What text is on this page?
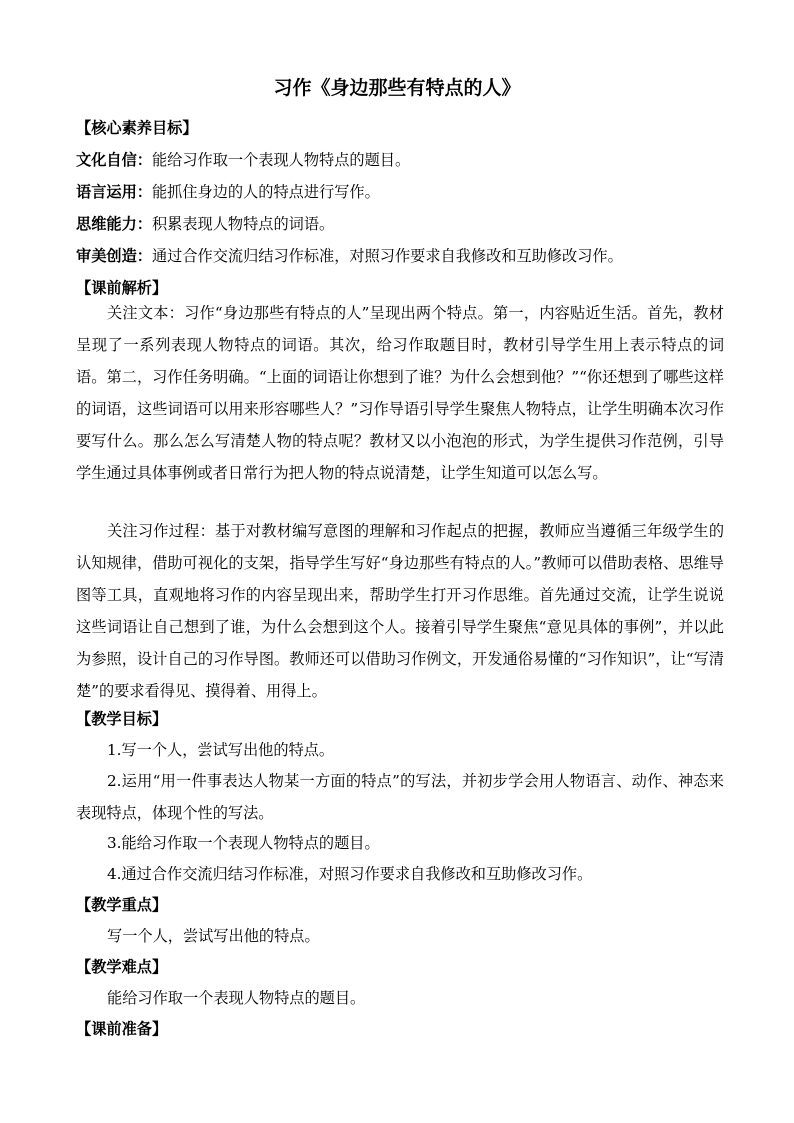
习作《身边那些有特点的人》
【核心素养目标】
文化自信：能给习作取一个表现人物特点的题目。
语言运用：能抓住身边的人的特点进行写作。
思维能力：积累表现人物特点的词语。
审美创造：通过合作交流归结习作标准，对照习作要求自我修改和互助修改习作。
【课前解析】
关注文本：习作“身边那些有特点的人”呈现出两个特点。第一，内容贴近生活。首先，教材呈现了一系列表现人物特点的词语。其次，给习作取题目时，教材引导学生用上表示特点的词语。第二，习作任务明确。“上面的词语让你想到了谁？为什么会想到他？”“你还想到了哪些这样的词语，这些词语可以用来形容哪些人？”习作导语引导学生聚焦人物特点，让学生明确本次习作要写什么。那么怎么写清楚人物的特点呢？教材又以小泡泡的形式，为学生提供习作范例，引导学生通过具体事例或者日常行为把人物的特点说清楚，让学生知道可以怎么写。
关注习作过程：基于对教材编写意图的理解和习作起点的把握，教师应当遵循三年级学生的认知规律，借助可视化的支架，指导学生写好“身边那些有特点的人。”教师可以借助表格、思维导图等工具，直观地将习作的内容呈现出来，帮助学生打开习作思维。首先通过交流，让学生说说这些词语让自己想到了谁，为什么会想到这个人。接着引导学生聚焦“意见具体的事例”，并以此为参照，设计自己的习作导图。教师还可以借助习作例文，开发通俗易懂的“习作知识”，让“写清楚”的要求看得见、摸得着、用得上。
【教学目标】
1.写一个人，尝试写出他的特点。
2.运用“用一件事表达人物某一方面的特点”的写法，并初步学会用人物语言、动作、神态来表现特点，体现个性的写法。
3.能给习作取一个表现人物特点的题目。
4.通过合作交流归结习作标准，对照习作要求自我修改和互助修改习作。
【教学重点】
写一个人，尝试写出他的特点。
【教学难点】
能给习作取一个表现人物特点的题目。
【课前准备】
